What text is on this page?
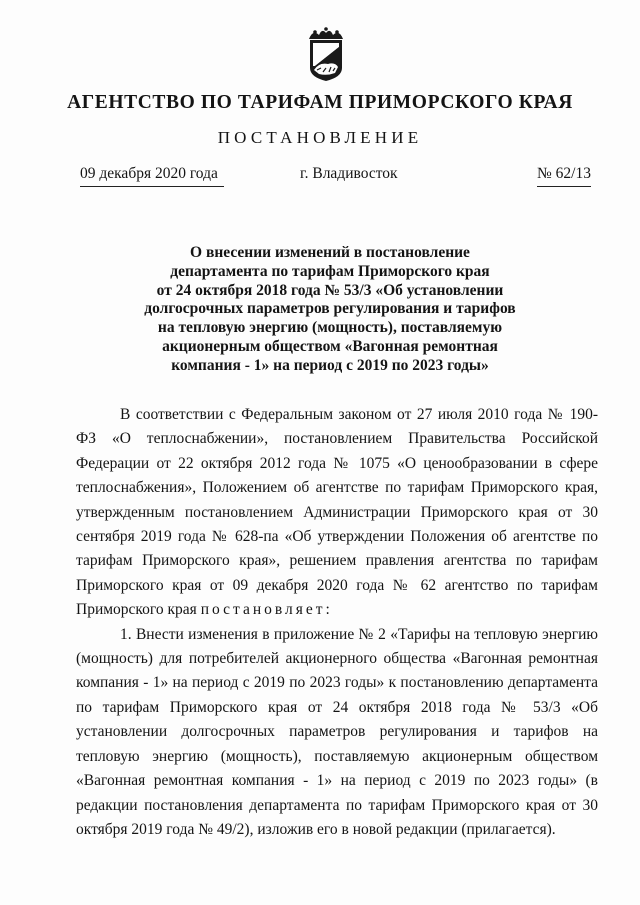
АГЕНТСТВО ПО ТАРИФАМ ПРИМОРСКОГО КРАЯ
ПОСТАНОВЛЕНИЕ
09 декабря 2020 года	г. Владивосток	№ 62/13
О внесении изменений в постановление
департамента по тарифам Приморского края
от 24 октября 2018 года № 53/3 «Об установлении
долгосрочных параметров регулирования и тарифов
на тепловую энергию (мощность), поставляемую
акционерным обществом «Вагонная ремонтная
компания - 1» на период с 2019 по 2023 годы»

В соответствии с Федеральным законом от 27 июля 2010 года № 190-ФЗ «О теплоснабжении», постановлением Правительства Российской Федерации от 22 октября 2012 года № 1075 «О ценообразовании в сфере теплоснабжения», Положением об агентстве по тарифам Приморского края, утвержденным постановлением Администрации Приморского края от 30 сентября 2019 года № 628-па «Об утверждении Положения об агентстве по тарифам Приморского края», решением правления агентства по тарифам Приморского края от 09 декабря 2020 года № 62 агентство по тарифам Приморского края постановляет:

1. Внести изменения в приложение № 2 «Тарифы на тепловую энергию (мощность) для потребителей акционерного общества «Вагонная ремонтная компания - 1» на период с 2019 по 2023 годы» к постановлению департамента по тарифам Приморского края от 24 октября 2018 года № 53/3 «Об установлении долгосрочных параметров регулирования и тарифов на тепловую энергию (мощность), поставляемую акционерным обществом «Вагонная ремонтная компания - 1» на период с 2019 по 2023 годы» (в редакции постановления департамента по тарифам Приморского края от 30 октября 2019 года № 49/2), изложив его в новой редакции (прилагается).
